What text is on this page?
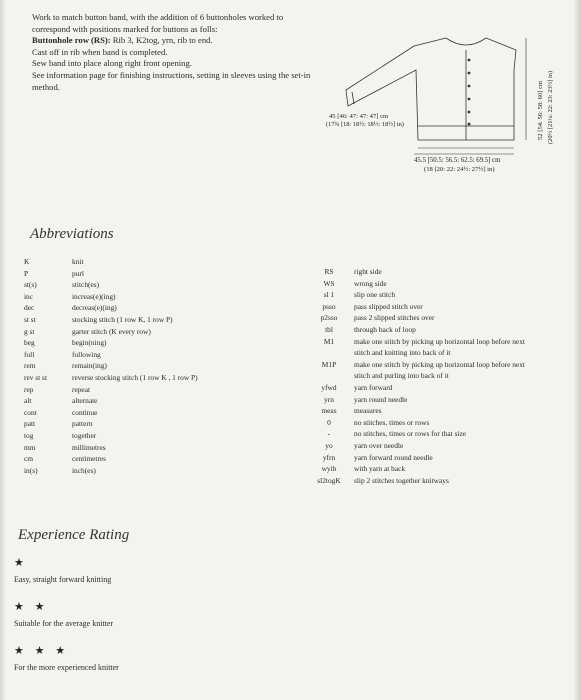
Work to match button band, with the addition of 6 buttonholes worked to correspond with positions marked for buttons as folls:

Buttonhole row (RS): Rib 3, K2tog, yrn, rib to end.

Cast off in rib when band is completed.

Sew band into place along right front opening.

See information page for finishing instructions, setting in sleeves using the set-in method.

45 [46: 47: 47: 47] cm
(17¾ [18: 18½: 18½: 18½] in)
45.5 [50.5: 56.5: 62.5: 69.5] cm
(18 [20: 22: 24½: 27½] in)
52 [54: 56: 58: 60] cm (20½ [21¼: 22: 23: 23½] in)
Abbreviations
K	knit
P	purl
st(s)	stitch(es)
inc	increas(e)(ing)
dec	decreas(e)(ing)
st st	stocking stitch (1 row K, 1 row P)
g st	garter stitch (K every row)
beg	begin(ning)
foll	following
rem	remain(ing)
rev st st	reverse stocking stitch (1 row K , 1 row P)
rep	repeat
alt	alternate
cont	continue
patt	pattern
tog	together
mm	millimetres
cm	centimetres
in(s)	inch(es)
RS	right side
WS	wrong side
sl 1	slip one stitch
psso	pass slipped stitch over
p2sso	pass 2 slipped stitches over
tbl	through back of loop
M1	make one stitch by picking up horizontal loop before next
stitch and knitting into back of it
M1P	make one stitch by picking up horizontal loop before next
stitch and purling into back of it
yfwd	yarn forward
yrn	yarn round needle
meas	measures
0	no stitches, times or rows
-	no stitches, times or rows for that size
yo	yarn over needle
yfrn	yarn forward round needle
wyib	with yarn at back
sl2togK	slip 2 stitches together knitways
Experience Rating
★
Easy, straight forward knitting
★ ★
Suitable for the average knitter
★ ★ ★
For the more experienced knitter
